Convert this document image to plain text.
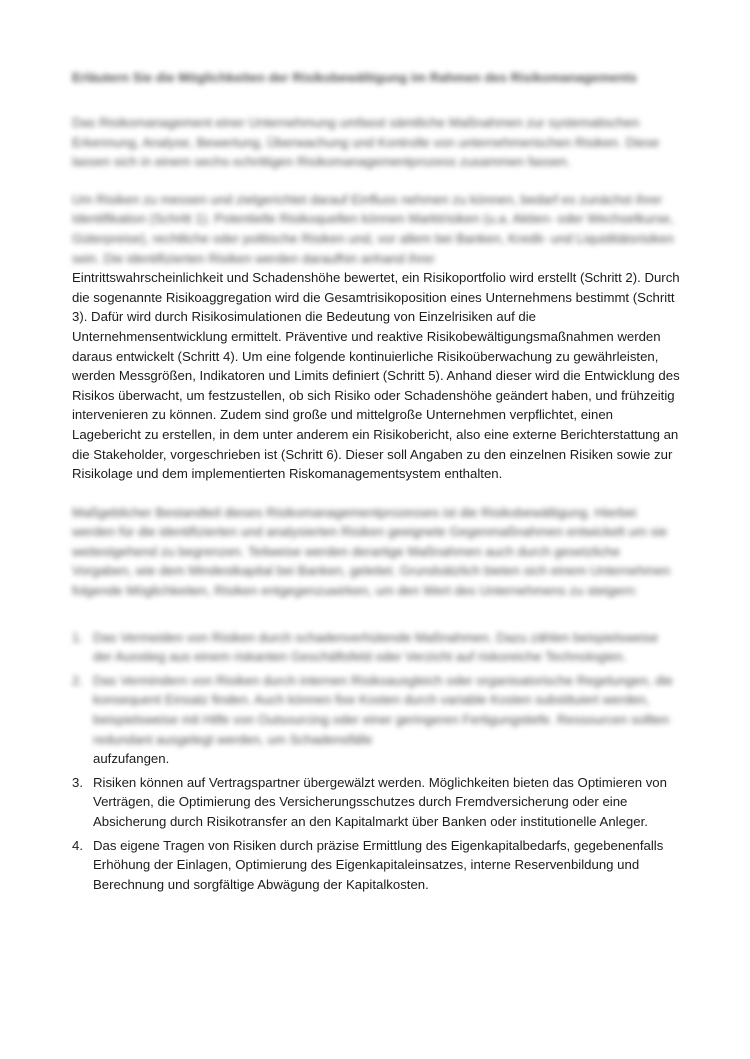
Erläutern Sie die Möglichkeiten der Risikobewältigung im Rahmen des Risikomanagements

Das Risikomanagement einer Unternehmung umfasst sämtliche Maßnahmen zur systematischen Erkennung, Analyse, Bewertung, Überwachung und Kontrolle von unternehmerischen Risiken. Diese lassen sich in einem sechs-schrittigen Risikomanagementprozess zusammen fassen.

Um Risiken zu messen und zielgerichtet darauf Einfluss nehmen zu können, bedarf es zunächst ihrer Identifikation (Schritt 1). Potentielle Risikoquellen können Marktrisiken (u.a. Aktien- oder Wechselkurse, Güterpreise), rechtliche oder politische Risiken und, vor allem bei Banken, Kredit- und Liquiditätsrisiken sein. Die identifizierten Risiken werden daraufhin anhand ihrer

Eintrittswahrscheinlichkeit und Schadenshöhe bewertet, ein Risikoportfolio wird erstellt (Schritt 2). Durch die sogenannte Risikoaggregation wird die Gesamtrisikoposition eines Unternehmens bestimmt (Schritt 3). Dafür wird durch Risikosimulationen die Bedeutung von Einzelrisiken auf die Unternehmensentwicklung ermittelt. Präventive und reaktive Risikobewältigungsmaßnahmen werden daraus entwickelt (Schritt 4). Um eine folgende kontinuierliche Risikoüberwachung zu gewährleisten, werden Messgrößen, Indikatoren und Limits definiert (Schritt 5). Anhand dieser wird die Entwicklung des Risikos überwacht, um festzustellen, ob sich Risiko oder Schadenshöhe geändert haben, und frühzeitig intervenieren zu können. Zudem sind große und mittelgroße Unternehmen verpflichtet, einen Lagebericht zu erstellen, in dem unter anderem ein Risikobericht, also eine externe Berichterstattung an die Stakeholder, vorgeschrieben ist (Schritt 6). Dieser soll Angaben zu den einzelnen Risiken sowie zur Risikolage und dem implementierten Riskomanagementsystem enthalten.

Maßgeblicher Bestandteil dieses Risikomanagementprozesses ist die Risikobewältigung. Hierbei werden für die identifizierten und analysierten Risiken geeignete Gegenmaßnahmen entwickelt um sie weitestgehend zu begrenzen. Teilweise werden derartige Maßnahmen auch durch gesetzliche Vorgaben, wie dem Mindestkapital bei Banken, geleitet. Grundsätzlich bieten sich einem Unternehmen folgende Möglichkeiten, Risiken entgegenzuwirken, um den Wert des Unternehmens zu steigern:

1. Das Vermeiden von Risiken durch schadenverhütende Maßnahmen. Dazu zählen beispielsweise der Ausstieg aus einem riskanten Geschäftsfeld oder Verzicht auf riskoreiche Technologien.
2. Das Vermindern von Risiken durch internen Risikoausgleich oder organisatorische Regelungen, die konsequent Einsatz finden. Auch können fixe Kosten durch variable Kosten substituiert werden, beispielsweise mit Hilfe von Outsourcing oder einer geringeren Fertigungstiefe. Ressourcen sollten redundant ausgelegt werden, um Schadensfälle
aufzufangen.
3. Risiken können auf Vertragspartner übergewälzt werden. Möglichkeiten bieten das Optimieren von Verträgen, die Optimierung des Versicherungsschutzes durch Fremdversicherung oder eine Absicherung durch Risikotransfer an den Kapitalmarkt über Banken oder institutionelle Anleger.
4. Das eigene Tragen von Risiken durch präzise Ermittlung des Eigenkapitalbedarfs, gegebenenfalls Erhöhung der Einlagen, Optimierung des Eigenkapitaleinsatzes, interne Reservenbildung und Berechnung und sorgfältige Abwägung der Kapitalkosten.
